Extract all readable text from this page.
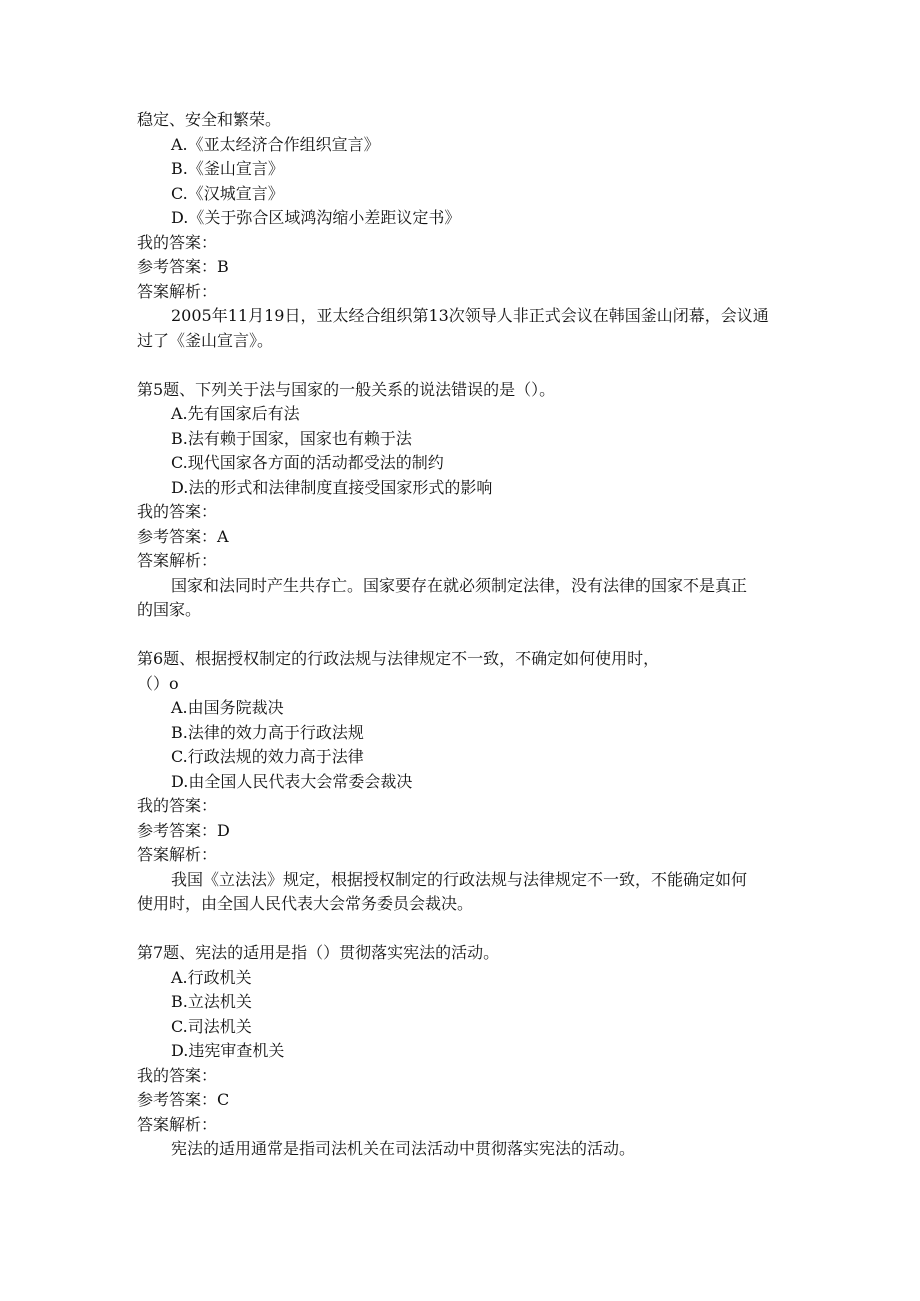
稳定、安全和繁荣。
A.《亚太经济合作组织宣言》
B.《釜山宣言》
C.《汉城宣言》
D.《关于弥合区域鸿沟缩小差距议定书》
我的答案：
参考答案：B
答案解析：
2005年11月19日，亚太经合组织第13次领导人非正式会议在韩国釜山闭幕，会议通
过了《釜山宣言》。
第5题、下列关于法与国家的一般关系的说法错误的是（）。
A.先有国家后有法
B.法有赖于国家，国家也有赖于法
C.现代国家各方面的活动都受法的制约
D.法的形式和法律制度直接受国家形式的影响
我的答案：
参考答案：A
答案解析：
国家和法同时产生共存亡。国家要存在就必须制定法律，没有法律的国家不是真正
的国家。
第6题、根据授权制定的行政法规与法律规定不一致，不确定如何使用时，
（）o
A.由国务院裁决
B.法律的效力高于行政法规
C.行政法规的效力高于法律
D.由全国人民代表大会常委会裁决
我的答案：
参考答案：D
答案解析：
我国《立法法》规定，根据授权制定的行政法规与法律规定不一致，不能确定如何
使用时，由全国人民代表大会常务委员会裁决。
第7题、宪法的适用是指（）贯彻落实宪法的活动。
A.行政机关
B.立法机关
C.司法机关
D.违宪审查机关
我的答案：
参考答案：C
答案解析：
宪法的适用通常是指司法机关在司法活动中贯彻落实宪法的活动。
